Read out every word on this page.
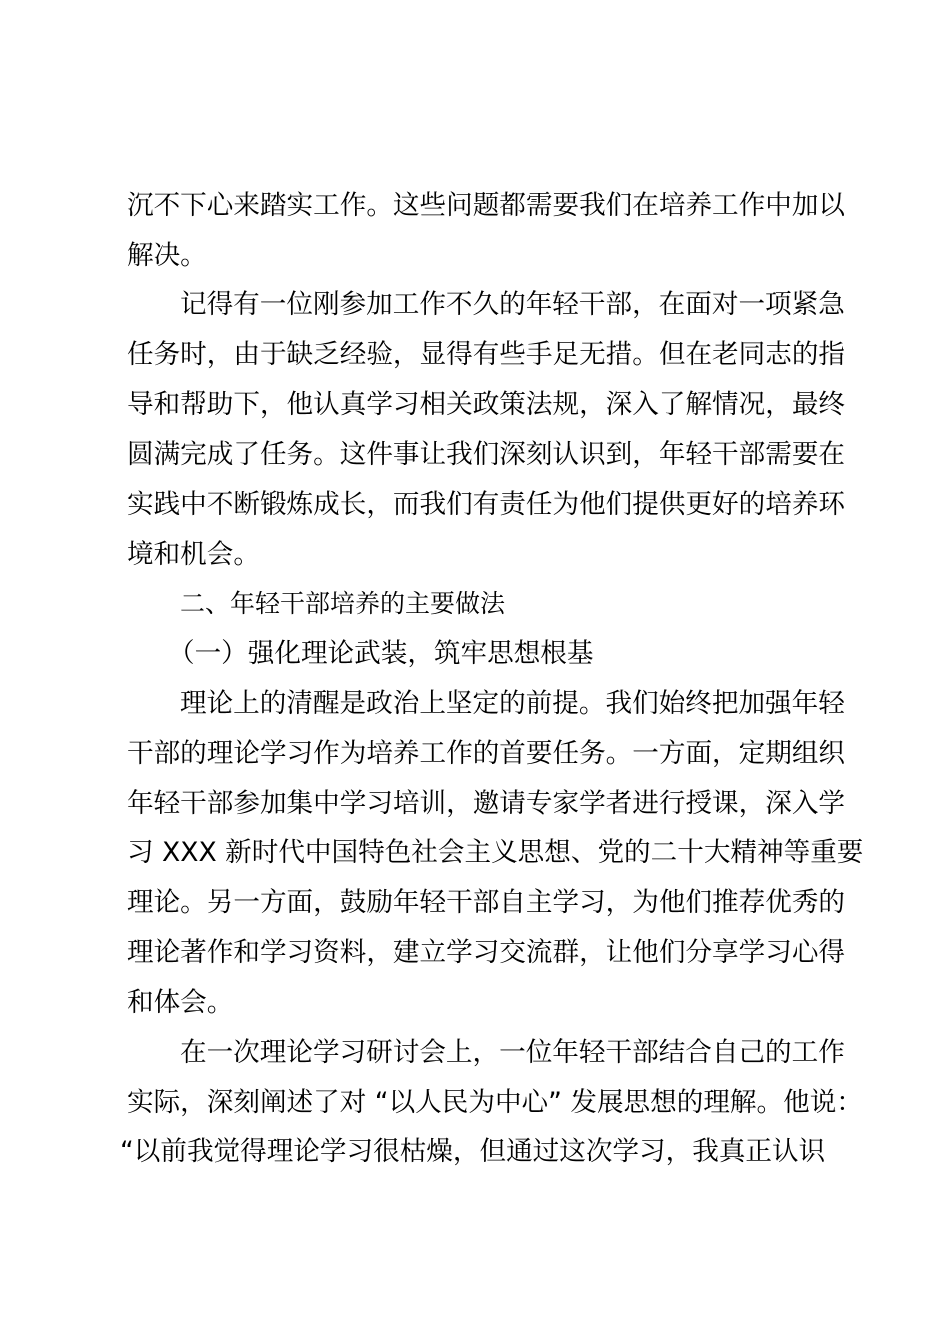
沉不下心来踏实工作。这些问题都需要我们在培养工作中加以
解决。
记得有一位刚参加工作不久的年轻干部，在面对一项紧急
任务时，由于缺乏经验，显得有些手足无措。但在老同志的指
导和帮助下，他认真学习相关政策法规，深入了解情况，最终
圆满完成了任务。这件事让我们深刻认识到，年轻干部需要在
实践中不断锻炼成长，而我们有责任为他们提供更好的培养环
境和机会。
二、年轻干部培养的主要做法
（一）强化理论武装，筑牢思想根基
理论上的清醒是政治上坚定的前提。我们始终把加强年轻
干部的理论学习作为培养工作的首要任务。一方面，定期组织
年轻干部参加集中学习培训，邀请专家学者进行授课，深入学
习 XXX 新时代中国特色社会主义思想、党的二十大精神等重要
理论。另一方面，鼓励年轻干部自主学习，为他们推荐优秀的
理论著作和学习资料，建立学习交流群，让他们分享学习心得
和体会。
在一次理论学习研讨会上，一位年轻干部结合自己的工作
实际，深刻阐述了对 “以人民为中心” 发展思想的理解。他说：
“以前我觉得理论学习很枯燥，但通过这次学习，我真正认识
